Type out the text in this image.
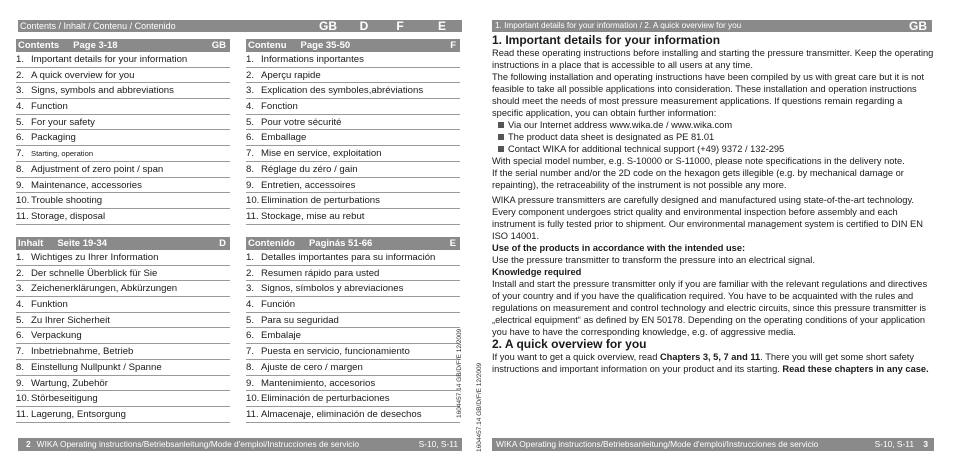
Contents / Inhalt / Contenu / Contenido	GB	D	F	E
Contents Page 3-18	GB
1. Important details for your information
2. A quick overview for you
3. Signs, symbols and abbreviations
4. Function
5. For your safety
6. Packaging
7. Starting, operation
8. Adjustment of zero point / span
9. Maintenance, accessories
10. Trouble shooting
11. Storage, disposal
Contenu Page 35-50	F
1. Informations inportantes
2. Aperçu rapide
3. Explication des symboles,abréviations
4. Fonction
5. Pour votre sécurité
6. Emballage
7. Mise en service, exploitation
8. Réglage du zéro / gain
9. Entretien, accessoires
10. Elimination de perturbations
11. Stockage, mise au rebut
Inhalt Seite 19-34	D
1. Wichtiges zu Ihrer Information
2. Der schnelle Überblick für Sie
3. Zeichenerklärungen, Abkürzungen
4. Funktion
5. Zu Ihrer Sicherheit
6. Verpackung
7. Inbetriebnahme, Betrieb
8. Einstellung Nullpunkt / Spanne
9. Wartung, Zubehör
10. Störbeseitigung
11. Lagerung, Entsorgung
Contenido Paginás 51-66	E
1. Detalles importantes para su información
2. Resumen rápido para usted
3. Signos, símbolos y abreviaciones
4. Función
5. Para su seguridad
6. Embalaje
7. Puesta en servicio, funcionamiento
8. Ajuste de cero / margen
9. Mantenimiento, accesorios
10. Eliminación de perturbaciones
11. Almacenaje, eliminación de desechos
2 WIKA Operating instructions/Betriebsanleitung/Mode d'emploi/Instrucciones de servicio	S-10, S-11
1604457.14 GB/D/F/E 12/2009 1604457.14 GB/D/F/E 12/2009
1. Important details for your information / 2. A quick overview for you	GB
1. Important details for your information

Read these operating instructions before installing and starting the pressure transmitter. Keep the operating instructions in a place that is accessible to all users at any time.

The following installation and operating instructions have been compiled by us with great care but it is not feasible to take all possible applications into consideration. These installation and operation instructions should meet the needs of most pressure measurement applications. If questions remain regarding a specific application, you can obtain further information:

Via our Internet address www.wika.de / www.wika.com
The product data sheet is designated as PE 81.01
Contact WIKA for additional technical support (+49) 9372 / 132-295

With special model number, e.g. S-10000 or S-11000, please note specifications in the delivery note.

If the serial number and/or the 2D code on the hexagon gets illegible (e.g. by mechanical damage or repainting), the retraceability of the instrument is not possible any more.

WIKA pressure transmitters are carefully designed and manufactured using state-of-the-art technology. Every component undergoes strict quality and environmental inspection before assembly and each instrument is fully tested prior to shipment. Our environmental management system is certified to DIN EN ISO 14001.

Use of the products in accordance with the intended use:

Use the pressure transmitter to transform the pressure into an electrical signal.

Knowledge required

Install and start the pressure transmitter only if you are familiar with the relevant regulations and directives of your country and if you have the qualification required. You have to be acquainted with the rules and regulations on measurement and control technology and electric circuits, since this pressure transmitter is „electrical equipment“ as defined by EN 50178. Depending on the operating conditions of your application you have to have the corresponding knowledge, e.g. of aggressive media.

2. A quick overview for you

If you want to get a quick overview, read Chapters 3, 5, 7 and 11. There you will get some short safety instructions and important information on your product and its starting. Read these chapters in any case.

WIKA Operating instructions/Betriebsanleitung/Mode d'emploi/Instrucciones de servicio	S-10, S-11 3
